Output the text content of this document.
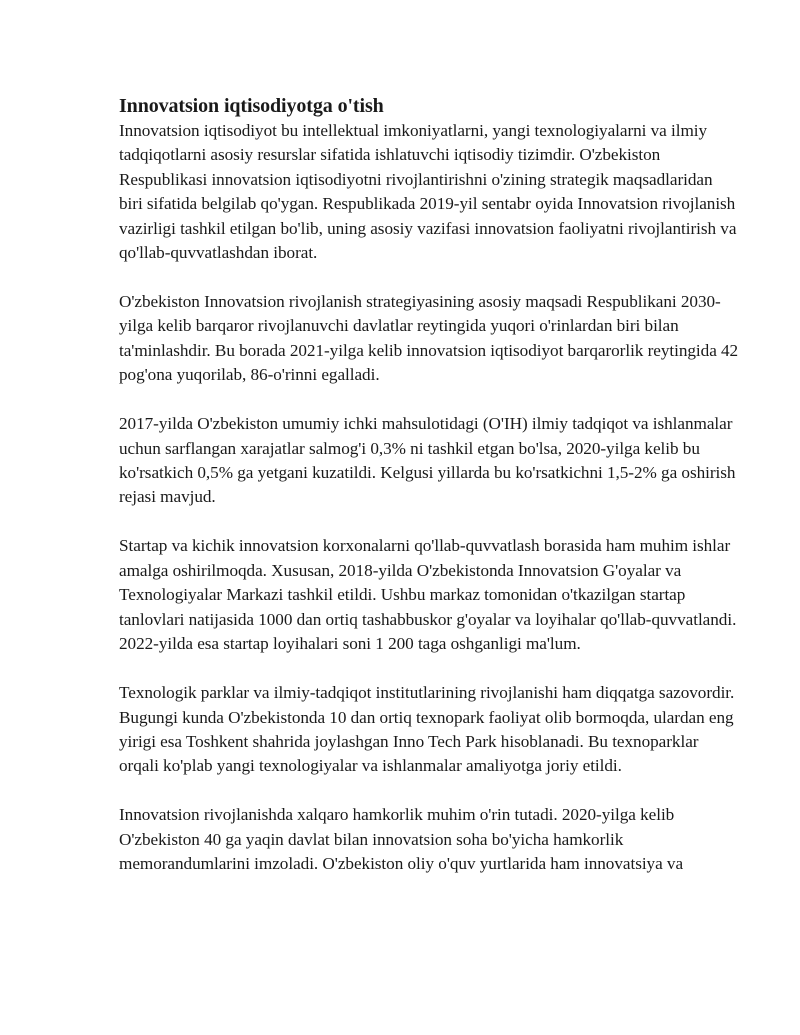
Innovatsion iqtisodiyotga o'tish

Innovatsion iqtisodiyot bu intellektual imkoniyatlarni, yangi texnologiyalarni va ilmiy tadqiqotlarni asosiy resurslar sifatida ishlatuvchi iqtisodiy tizimdir. O'zbekiston Respublikasi innovatsion iqtisodiyotni rivojlantirishni o'zining strategik maqsadlaridan biri sifatida belgilab qo'ygan. Respublikada 2019-yil sentabr oyida Innovatsion rivojlanish vazirligi tashkil etilgan bo'lib, uning asosiy vazifasi innovatsion faoliyatni rivojlantirish va qo'llab-quvvatlashdan iborat.

O'zbekiston Innovatsion rivojlanish strategiyasining asosiy maqsadi Respublikani 2030-yilga kelib barqaror rivojlanuvchi davlatlar reytingida yuqori o'rinlardan biri bilan ta'minlashdir. Bu borada 2021-yilga kelib innovatsion iqtisodiyot barqarorlik reytingida 42 pog'ona yuqorilab, 86-o'rinni egalladi.

2017-yilda O'zbekiston umumiy ichki mahsulotidagi (O'IH) ilmiy tadqiqot va ishlanmalar uchun sarflangan xarajatlar salmog'i 0,3% ni tashkil etgan bo'lsa, 2020-yilga kelib bu ko'rsatkich 0,5% ga yetgani kuzatildi. Kelgusi yillarda bu ko'rsatkichni 1,5-2% ga oshirish rejasi mavjud.

Startap va kichik innovatsion korxonalarni qo'llab-quvvatlash borasida ham muhim ishlar amalga oshirilmoqda. Xususan, 2018-yilda O'zbekistonda Innovatsion G'oyalar va Texnologiyalar Markazi tashkil etildi. Ushbu markaz tomonidan o'tkazilgan startap tanlovlari natijasida 1000 dan ortiq tashabbuskor g'oyalar va loyihalar qo'llab-quvvatlandi. 2022-yilda esa startap loyihalari soni 1 200 taga oshganligi ma'lum.

Texnologik parklar va ilmiy-tadqiqot institutlarining rivojlanishi ham diqqatga sazovordir. Bugungi kunda O'zbekistonda 10 dan ortiq texnopark faoliyat olib bormoqda, ulardan eng yirigi esa Toshkent shahrida joylashgan Inno Tech Park hisoblanadi. Bu texnoparklar orqali ko'plab yangi texnologiyalar va ishlanmalar amaliyotga joriy etildi.

Innovatsion rivojlanishda xalqaro hamkorlik muhim o'rin tutadi. 2020-yilga kelib O'zbekiston 40 ga yaqin davlat bilan innovatsion soha bo'yicha hamkorlik memorandumlarini imzoladi. O'zbekiston oliy o'quv yurtlarida ham innovatsiya va
